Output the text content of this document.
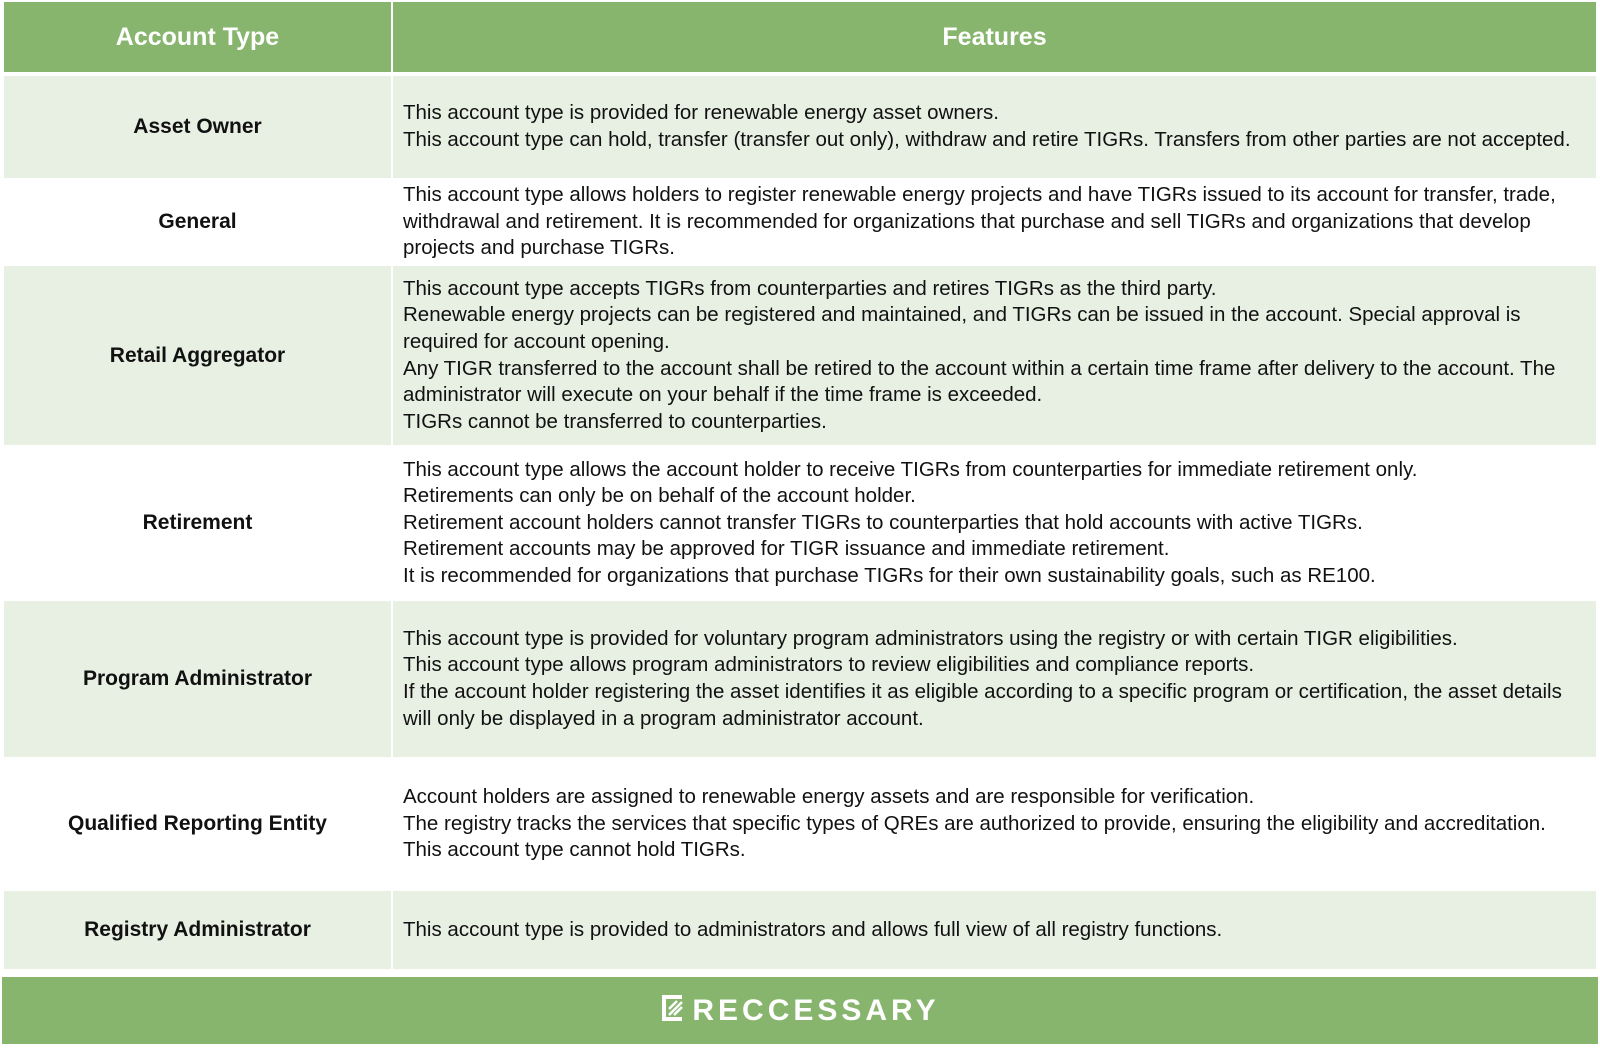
Account Type	Features
Asset Owner	This account type is provided for renewable energy asset owners.
This account type can hold, transfer (transfer out only), withdraw and retire TIGRs. Transfers from other parties are not accepted.

General	This account type allows holders to register renewable energy projects and have TIGRs issued to its account for transfer, trade, withdrawal and retirement. It is recommended for organizations that purchase and sell TIGRs and organizations that develop projects and purchase TIGRs.

Retail Aggregator	This account type accepts TIGRs from counterparties and retires TIGRs as the third party.
Renewable energy projects can be registered and maintained, and TIGRs can be issued in the account. Special approval is required for account opening.
Any TIGR transferred to the account shall be retired to the account within a certain time frame after delivery to the account. The administrator will execute on your behalf if the time frame is exceeded.
TIGRs cannot be transferred to counterparties.

Retirement	This account type allows the account holder to receive TIGRs from counterparties for immediate retirement only.
Retirements can only be on behalf of the account holder.
Retirement account holders cannot transfer TIGRs to counterparties that hold accounts with active TIGRs.
Retirement accounts may be approved for TIGR issuance and immediate retirement.
It is recommended for organizations that purchase TIGRs for their own sustainability goals, such as RE100.

Program Administrator	This account type is provided for voluntary program administrators using the registry or with certain TIGR eligibilities.
This account type allows program administrators to review eligibilities and compliance reports.
If the account holder registering the asset identifies it as eligible according to a specific program or certification, the asset details will only be displayed in a program administrator account.

Qualified Reporting Entity	Account holders are assigned to renewable energy assets and are responsible for verification.
The registry tracks the services that specific types of QREs are authorized to provide, ensuring the eligibility and accreditation.
This account type cannot hold TIGRs.

Registry Administrator	This account type is provided to administrators and allows full view of all registry functions.
RECCESSARY
